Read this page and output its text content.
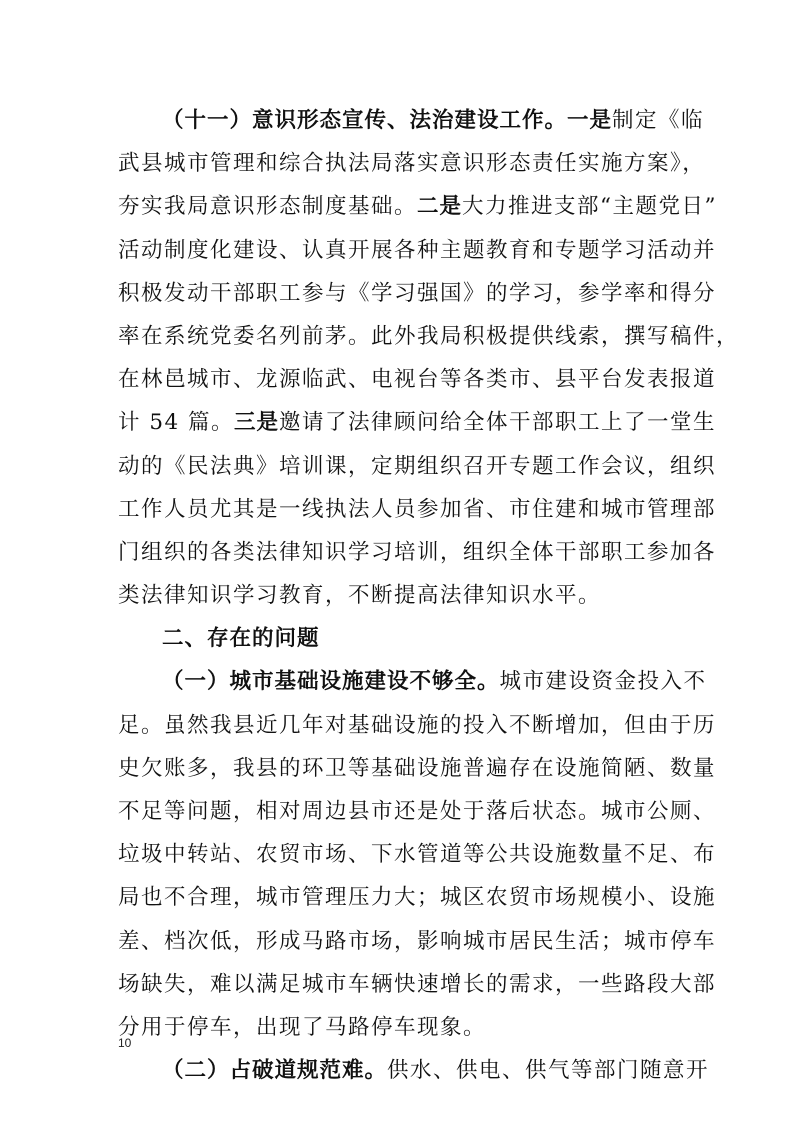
（十一）意识形态宣传、法治建设工作。一是制定《临
武县城市管理和综合执法局落实意识形态责任实施方案》，
夯实我局意识形态制度基础。二是大力推进支部“主题党日”
活动制度化建设、认真开展各种主题教育和专题学习活动并
积极发动干部职工参与《学习强国》的学习，参学率和得分
率在系统党委名列前茅。此外我局积极提供线索，撰写稿件，
在林邑城市、龙源临武、电视台等各类市、县平台发表报道
计 54 篇。三是邀请了法律顾问给全体干部职工上了一堂生
动的《民法典》培训课，定期组织召开专题工作会议，组织
工作人员尤其是一线执法人员参加省、市住建和城市管理部
门组织的各类法律知识学习培训，组织全体干部职工参加各
类法律知识学习教育，不断提高法律知识水平。
二、存在的问题
（一）城市基础设施建设不够全。城市建设资金投入不
足。虽然我县近几年对基础设施的投入不断增加，但由于历
史欠账多，我县的环卫等基础设施普遍存在设施简陋、数量
不足等问题，相对周边县市还是处于落后状态。城市公厕、
垃圾中转站、农贸市场、下水管道等公共设施数量不足、布
局也不合理，城市管理压力大；城区农贸市场规模小、设施
差、档次低，形成马路市场，影响城市居民生活；城市停车
场缺失，难以满足城市车辆快速增长的需求，一些路段大部
分用于停车，出现了马路停车现象。
（二）占破道规范难。供水、供电、供气等部门随意开
10
